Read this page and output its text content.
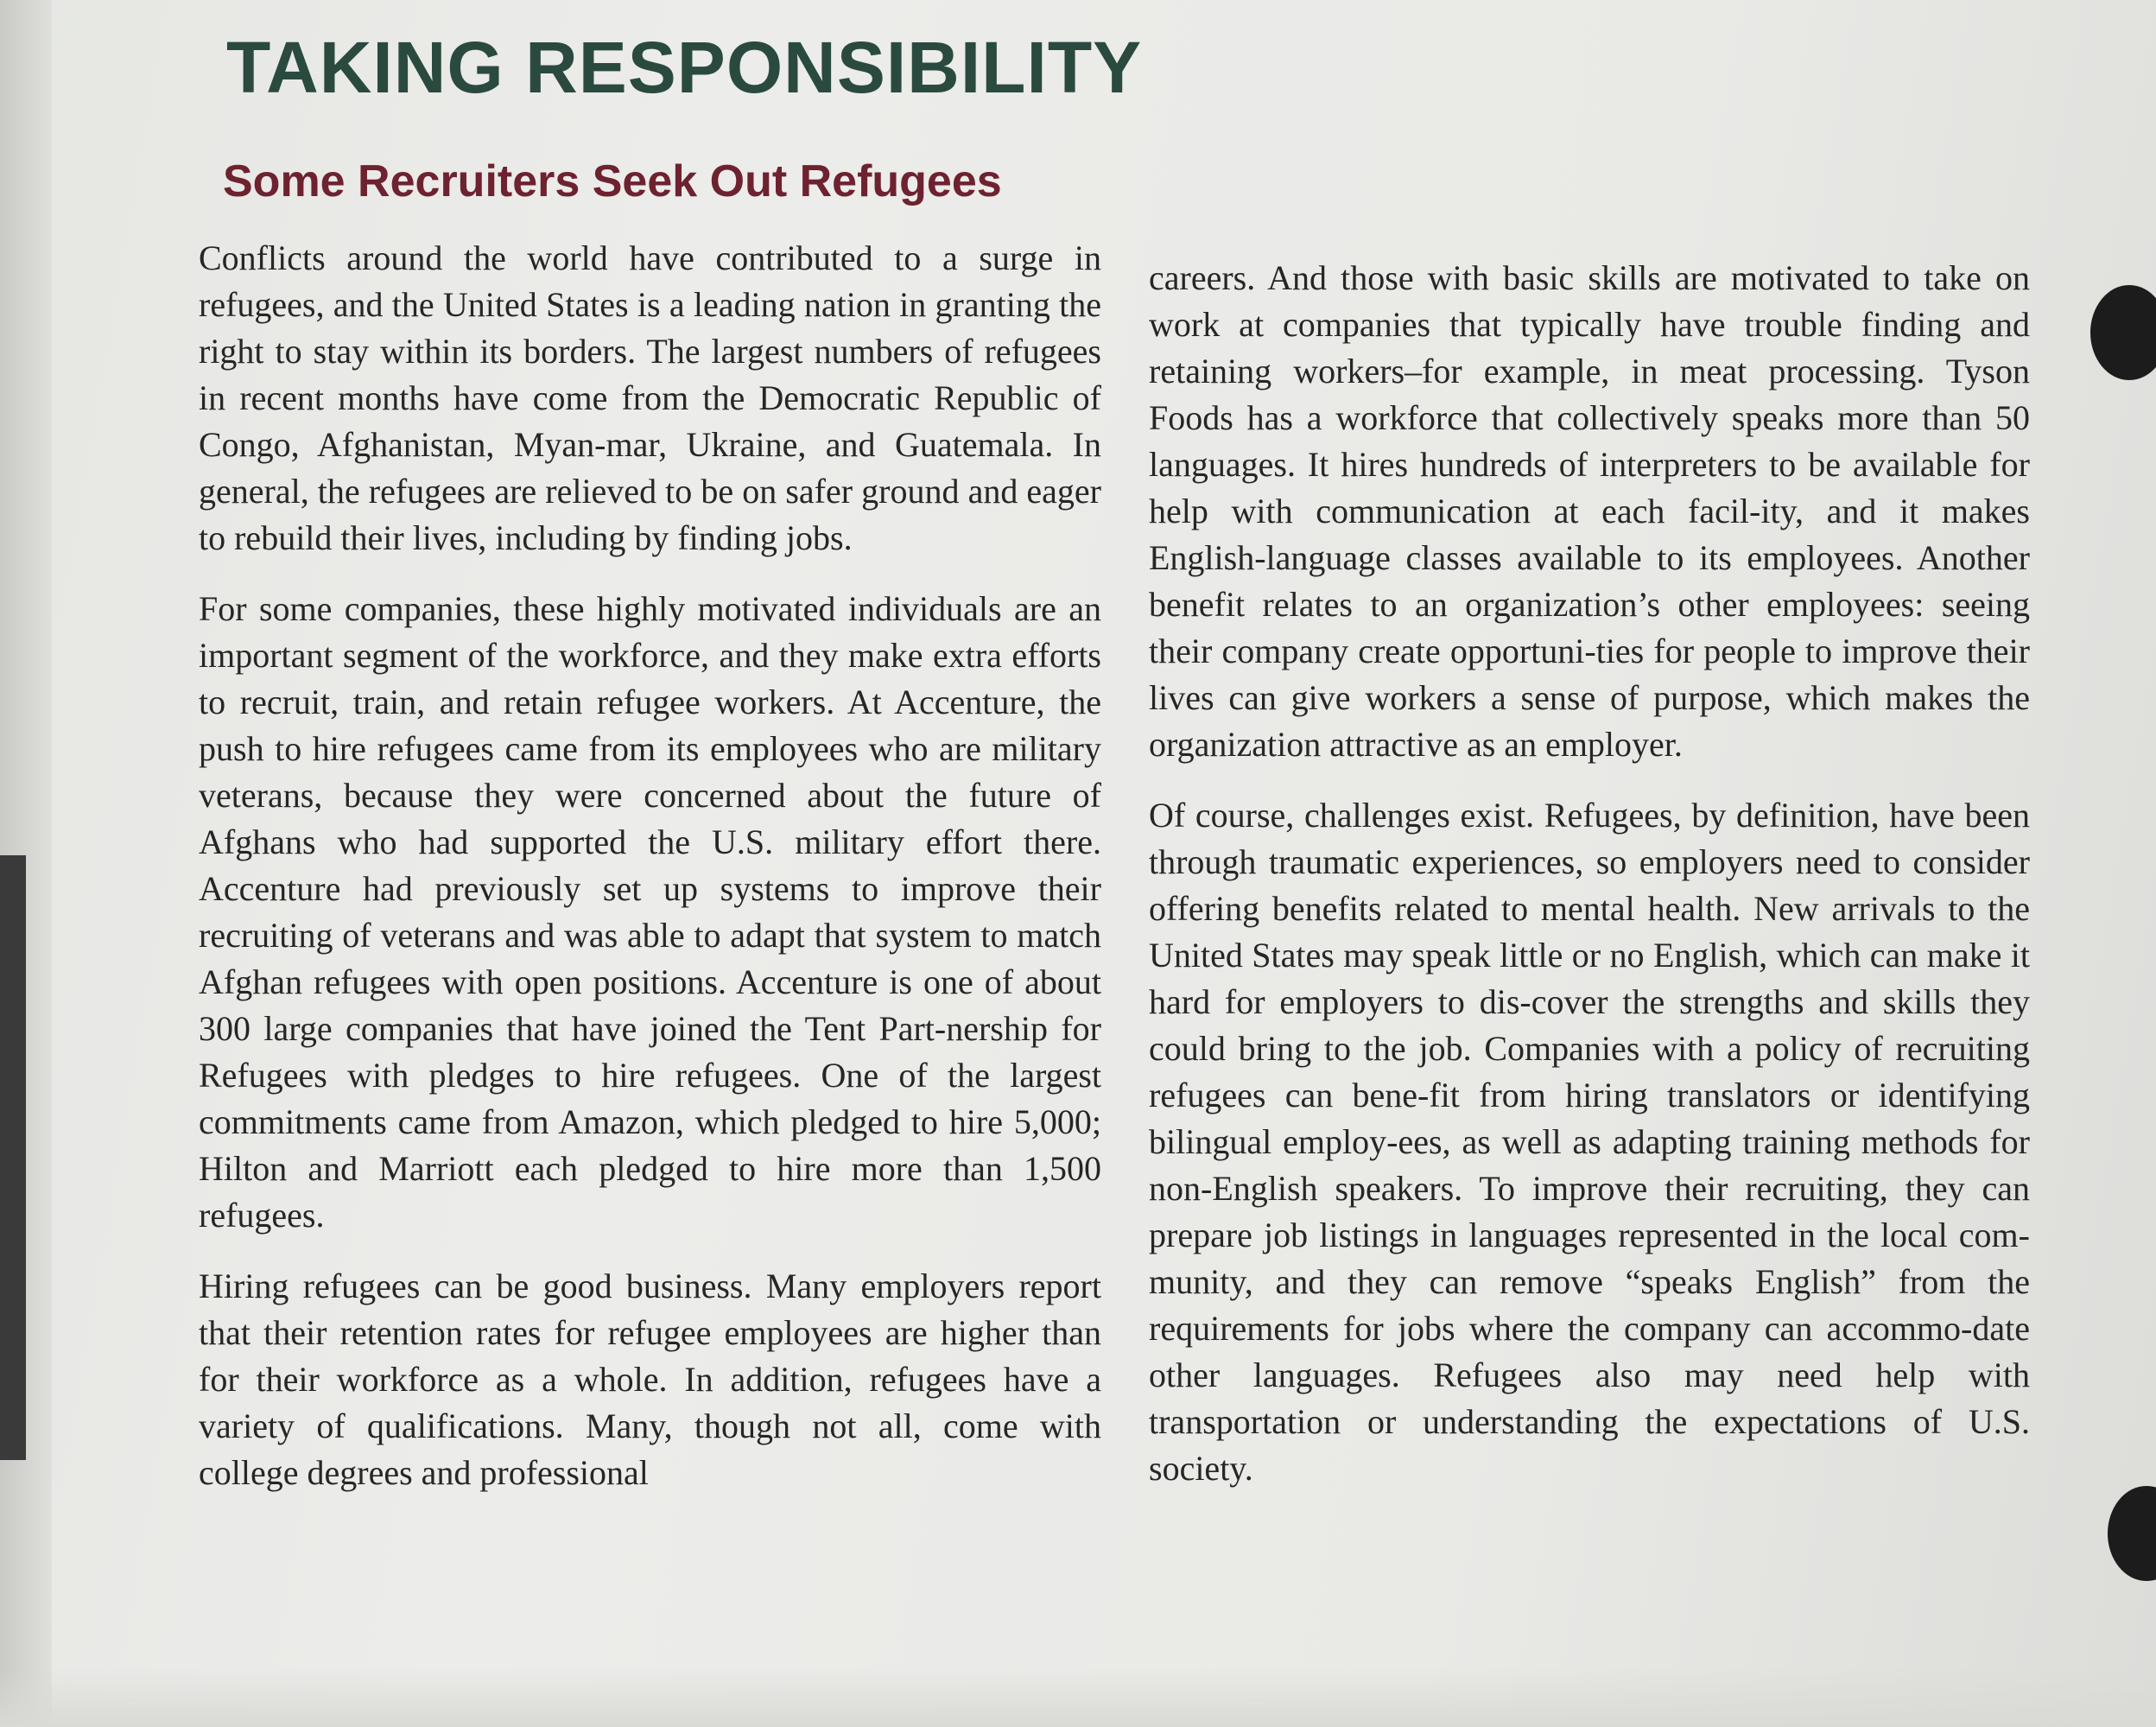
TAKING RESPONSIBILITY
Some Recruiters Seek Out Refugees

Conflicts around the world have contributed to a surge in refugees, and the United States is a leading nation in granting the right to stay within its borders. The largest numbers of refugees in recent months have come from the Democratic Republic of Congo, Afghanistan, Myan-mar, Ukraine, and Guatemala. In general, the refugees are relieved to be on safer ground and eager to rebuild their lives, including by finding jobs.

For some companies, these highly motivated individuals are an important segment of the workforce, and they make extra efforts to recruit, train, and retain refugee workers. At Accenture, the push to hire refugees came from its employees who are military veterans, because they were concerned about the future of Afghans who had supported the U.S. military effort there. Accenture had previously set up systems to improve their recruiting of veterans and was able to adapt that system to match Afghan refugees with open positions. Accenture is one of about 300 large companies that have joined the Tent Part-nership for Refugees with pledges to hire refugees. One of the largest commitments came from Amazon, which pledged to hire 5,000; Hilton and Marriott each pledged to hire more than 1,500 refugees.

Hiring refugees can be good business. Many employers report that their retention rates for refugee employees are higher than for their workforce as a whole. In addition, refugees have a variety of qualifications. Many, though not all, come with college degrees and professional

careers. And those with basic skills are motivated to take on work at companies that typically have trouble finding and retaining workers–for example, in meat processing. Tyson Foods has a workforce that collectively speaks more than 50 languages. It hires hundreds of interpreters to be available for help with communication at each facil-ity, and it makes English-language classes available to its employees. Another benefit relates to an organization’s other employees: seeing their company create opportuni-ties for people to improve their lives can give workers a sense of purpose, which makes the organization attractive as an employer.

Of course, challenges exist. Refugees, by definition, have been through traumatic experiences, so employers need to consider offering benefits related to mental health. New arrivals to the United States may speak little or no English, which can make it hard for employers to dis-cover the strengths and skills they could bring to the job. Companies with a policy of recruiting refugees can bene-fit from hiring translators or identifying bilingual employ-ees, as well as adapting training methods for non-English speakers. To improve their recruiting, they can prepare job listings in languages represented in the local com-munity, and they can remove “speaks English” from the requirements for jobs where the company can accommo-date other languages. Refugees also may need help with transportation or understanding the expectations of U.S. society.
